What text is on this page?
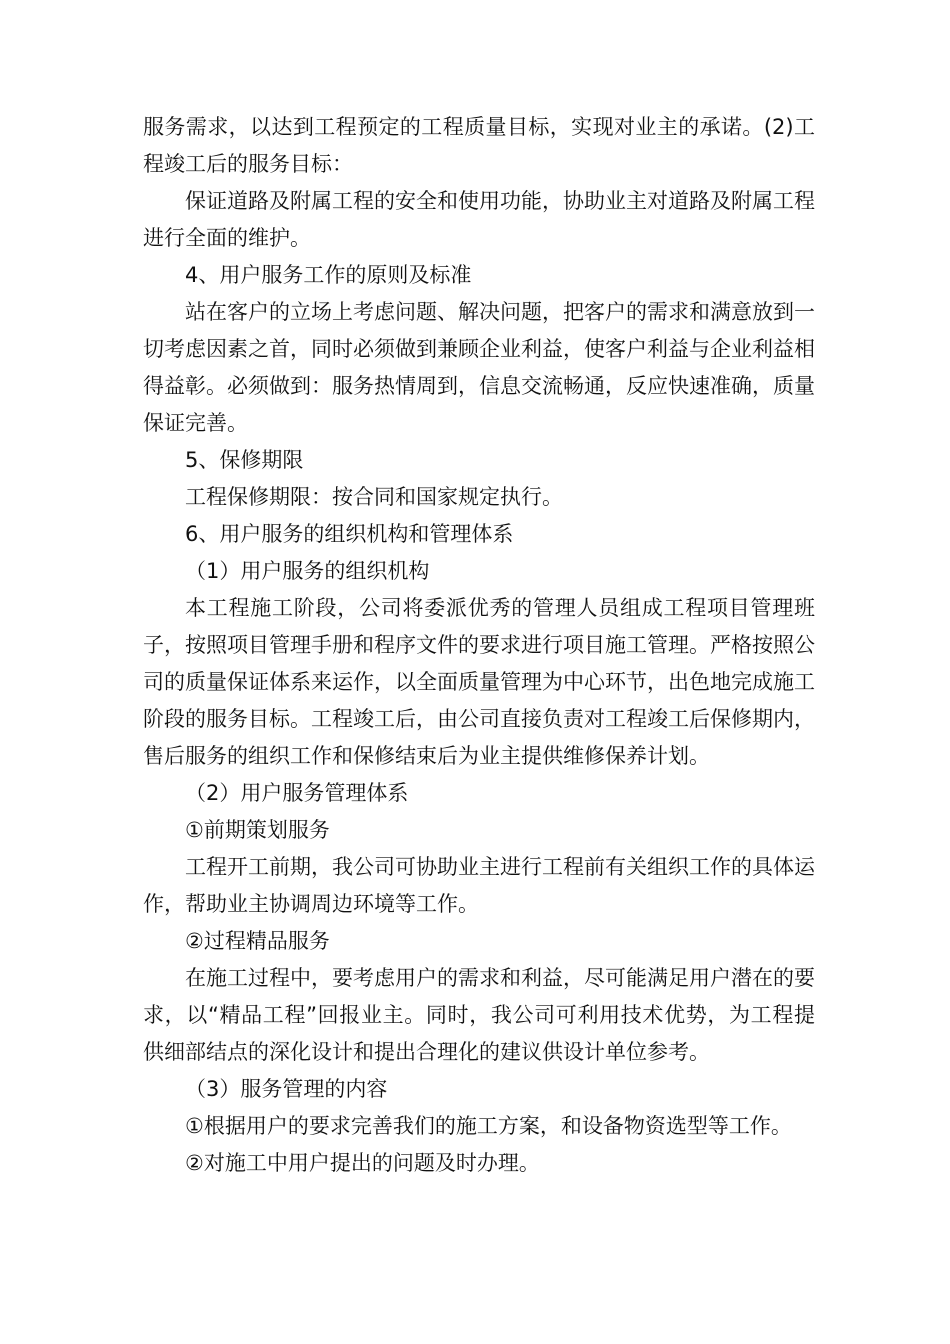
服务需求，以达到工程预定的工程质量目标，实现对业主的承诺。(2)工程竣工后的服务目标：

保证道路及附属工程的安全和使用功能，协助业主对道路及附属工程进行全面的维护。

4、用户服务工作的原则及标准

站在客户的立场上考虑问题、解决问题，把客户的需求和满意放到一切考虑因素之首，同时必须做到兼顾企业利益，使客户利益与企业利益相得益彰。必须做到：服务热情周到，信息交流畅通，反应快速准确，质量保证完善。

5、保修期限

工程保修期限：按合同和国家规定执行。

6、用户服务的组织机构和管理体系

（1）用户服务的组织机构

本工程施工阶段，公司将委派优秀的管理人员组成工程项目管理班子，按照项目管理手册和程序文件的要求进行项目施工管理。严格按照公司的质量保证体系来运作，以全面质量管理为中心环节，出色地完成施工阶段的服务目标。工程竣工后，由公司直接负责对工程竣工后保修期内，售后服务的组织工作和保修结束后为业主提供维修保养计划。

（2）用户服务管理体系

①前期策划服务

工程开工前期，我公司可协助业主进行工程前有关组织工作的具体运作，帮助业主协调周边环境等工作。

②过程精品服务

在施工过程中，要考虑用户的需求和利益，尽可能满足用户潜在的要求，以“精品工程”回报业主。同时，我公司可利用技术优势，为工程提供细部结点的深化设计和提出合理化的建议供设计单位参考。

（3）服务管理的内容

①根据用户的要求完善我们的施工方案，和设备物资选型等工作。

②对施工中用户提出的问题及时办理。
